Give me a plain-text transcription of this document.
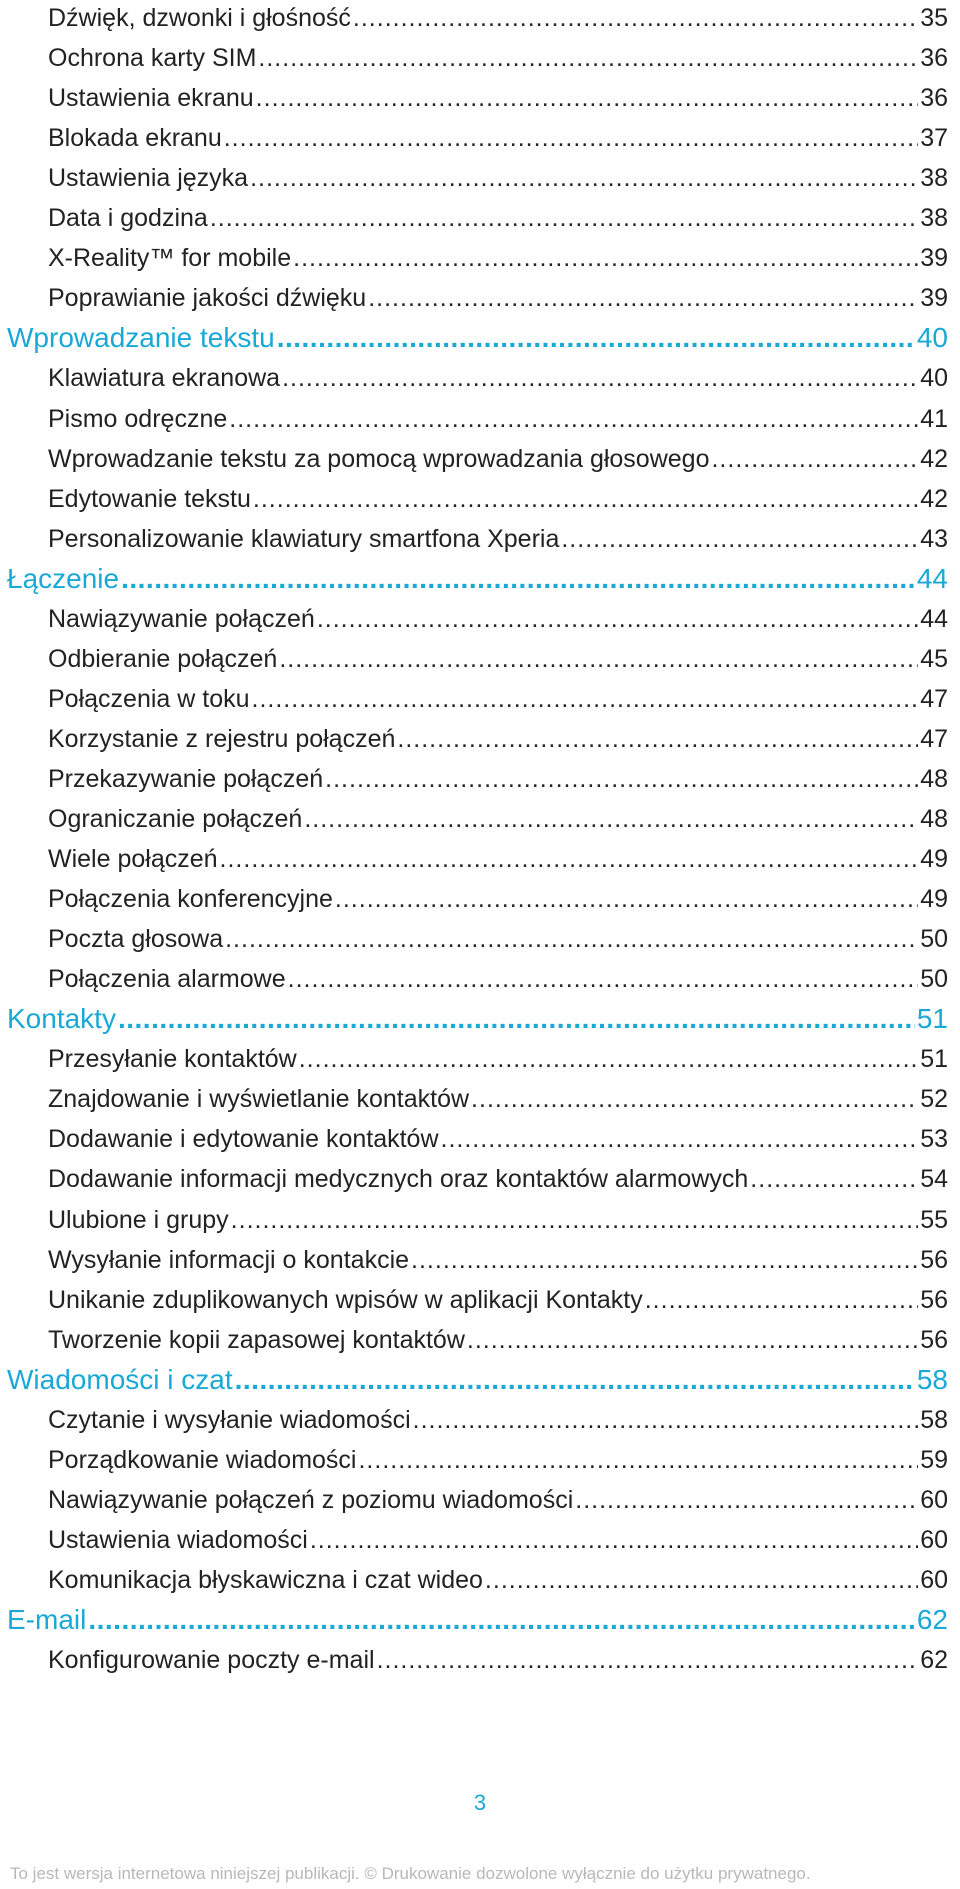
Dźwięk, dzwonki i głośność .....	35
Ochrona karty SIM .....	36
Ustawienia ekranu .....	36
Blokada ekranu .....	37
Ustawienia języka .....	38
Data i godzina .....	38
X-Reality™ for mobile .....	39
Poprawianie jakości dźwięku .....	39
Wprowadzanie tekstu .....	40
Klawiatura ekranowa .....	40
Pismo odręczne .....	41
Wprowadzanie tekstu za pomocą wprowadzania głosowego .....	42
Edytowanie tekstu .....	42
Personalizowanie klawiatury smartfona Xperia .....	43
Łączenie .....	44
Nawiązywanie połączeń .....	44
Odbieranie połączeń .....	45
Połączenia w toku .....	47
Korzystanie z rejestru połączeń .....	47
Przekazywanie połączeń .....	48
Ograniczanie połączeń .....	48
Wiele połączeń .....	49
Połączenia konferencyjne .....	49
Poczta głosowa .....	50
Połączenia alarmowe .....	50
Kontakty .....	51
Przesyłanie kontaktów .....	51
Znajdowanie i wyświetlanie kontaktów .....	52
Dodawanie i edytowanie kontaktów .....	53
Dodawanie informacji medycznych oraz kontaktów alarmowych .....	54
Ulubione i grupy .....	55
Wysyłanie informacji o kontakcie .....	56
Unikanie zduplikowanych wpisów w aplikacji Kontakty .....	56
Tworzenie kopii zapasowej kontaktów .....	56
Wiadomości i czat .....	58
Czytanie i wysyłanie wiadomości .....	58
Porządkowanie wiadomości .....	59
Nawiązywanie połączeń z poziomu wiadomości .....	60
Ustawienia wiadomości .....	60
Komunikacja błyskawiczna i czat wideo .....	60
E-mail .....	62
Konfigurowanie poczty e-mail .....	62
3
To jest wersja internetowa niniejszej publikacji. © Drukowanie dozwolone wyłącznie do użytku prywatnego.
